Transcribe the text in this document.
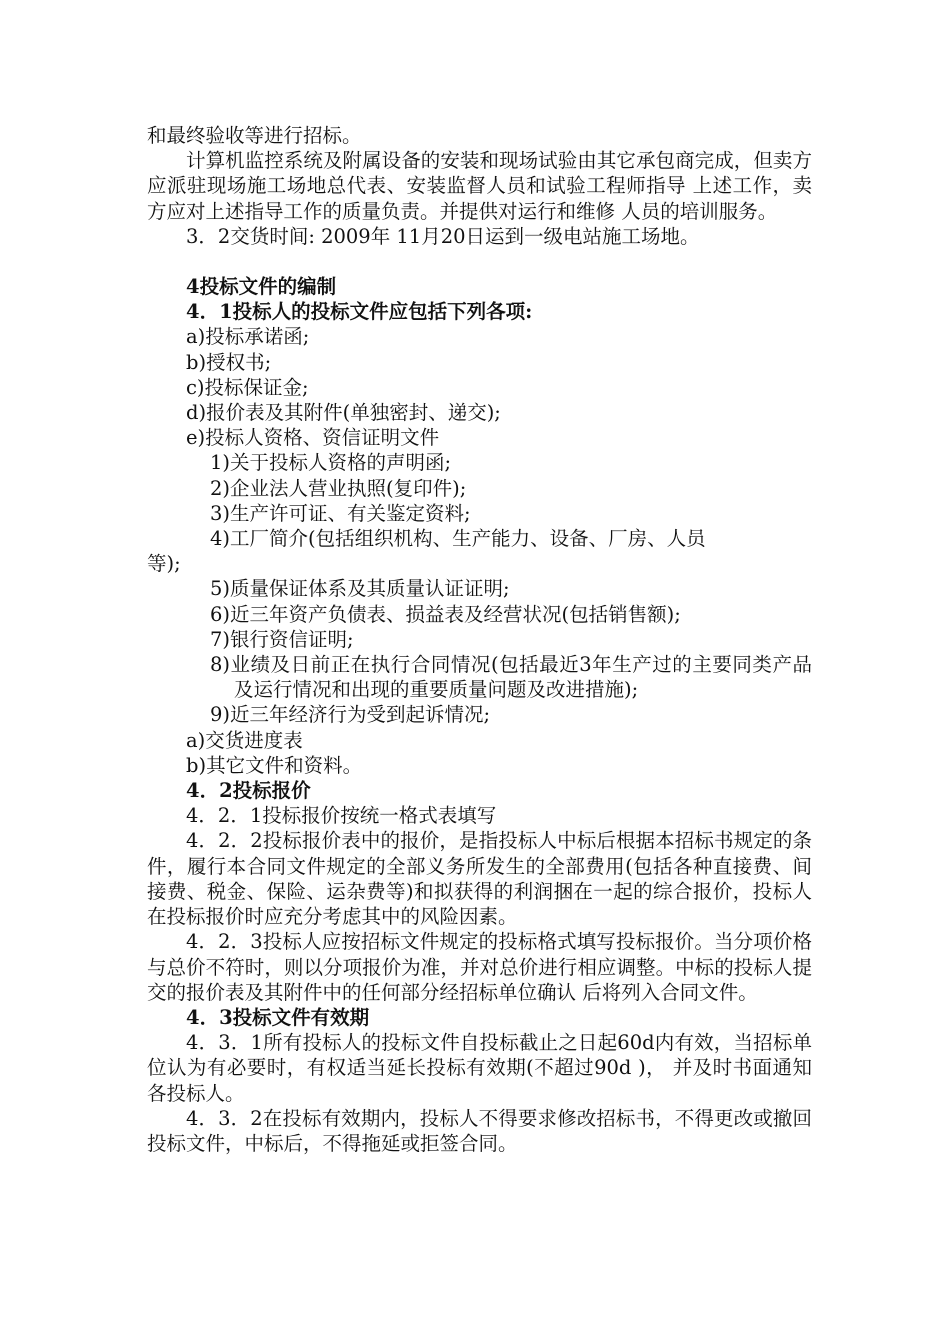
和最终验收等进行招标。

计算机监控系统及附属设备的安装和现场试验由其它承包商完成，但卖方应派驻现场施工场地总代表、安装监督人员和试验工程师指导 上述工作，卖方应对上述指导工作的质量负责。并提供对运行和维修 人员的培训服务。

3．2交货时间: 2009年 11月20日运到一级电站施工场地。

4投标文件的编制

4．1投标人的投标文件应包括下列各项:

a)投标承诺函;

b)授权书;

c)投标保证金;

d)报价表及其附件(单独密封、递交);

e)投标人资格、资信证明文件

1)关于投标人资格的声明函;

2)企业法人营业执照(复印件);

3)生产许可证、有关鉴定资料;

4)工厂简介(包括组织机构、生产能力、设备、厂房、人员

等);

5)质量保证体系及其质量认证证明;

6)近三年资产负债表、损益表及经营状况(包括销售额);

7)银行资信证明;

8)业绩及日前正在执行合同情况(包括最近3年生产过的主要同类产品及运行情况和出现的重要质量问题及改进措施);

9)近三年经济行为受到起诉情况;

a)交货进度表

b)其它文件和资料。

4．2投标报价

4．2．1投标报价按统一格式表填写

4．2．2投标报价表中的报价，是指投标人中标后根据本招标书规定的条件，履行本合同文件规定的全部义务所发生的全部费用(包括各种直接费、间接费、税金、保险、运杂费等)和拟获得的利润捆在一起的综合报价，投标人在投标报价时应充分考虑其中的风险因素。

4．2．3投标人应按招标文件规定的投标格式填写投标报价。当分项价格与总价不符时，则以分项报价为准，并对总价进行相应调整。中标的投标人提交的报价表及其附件中的任何部分经招标单位确认 后将列入合同文件。

4．3投标文件有效期

4．3．1所有投标人的投标文件自投标截止之日起60d内有效，当招标单位认为有必要时，有权适当延长投标有效期(不超过90d )， 并及时书面通知各投标人。

4．3．2在投标有效期内，投标人不得要求修改招标书，不得更改或撤回投标文件，中标后，不得拖延或拒签合同。
